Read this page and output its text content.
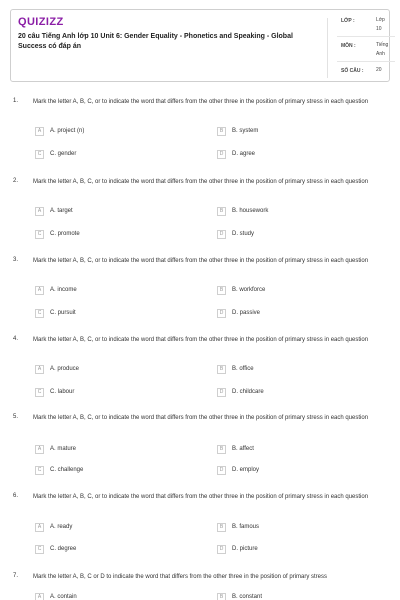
QUIZIZZ
20 câu Tiếng Anh lớp 10 Unit 6: Gender Equality - Phonetics and Speaking - Global Success có đáp án
LỚP :	Lớp
10
MÔN :	Tiếng
Anh
SỐ CÂU :	20
1. Mark the letter A, B, C, or to indicate the word that differs from the other three in the position of primary stress in each question
A	A. project (n)	B	B. system
C	C. gender	D	D. agree
2. Mark the letter A, B, C, or to indicate the word that differs from the other three in the position of primary stress in each question
A	A. target	B	B. housework
C	C. promote	D	D. study
3. Mark the letter A, B, C, or to indicate the word that differs from the other three in the position of primary stress in each question
A	A. income	B	B. workforce
C	C. pursuit	D	D. passive
4. Mark the letter A, B, C, or to indicate the word that differs from the other three in the position of primary stress in each question
A	A. produce	B	B. office
C	C. labour	D	D. childcare
5. Mark the letter A, B, C, or to indicate the word that differs from the other three in the position of primary stress in each question
A	A. mature	B	B. affect
C	C. challenge	D	D. employ
6. Mark the letter A, B, C, or to indicate the word that differs from the other three in the position of primary stress in each question
A	A. ready	B	B. famous
C	C. degree	D	D. picture
7. Mark the letter A, B, C or D to indicate the word that differs from the other three in the position of primary stress
A	A. contain	B	B. constant
